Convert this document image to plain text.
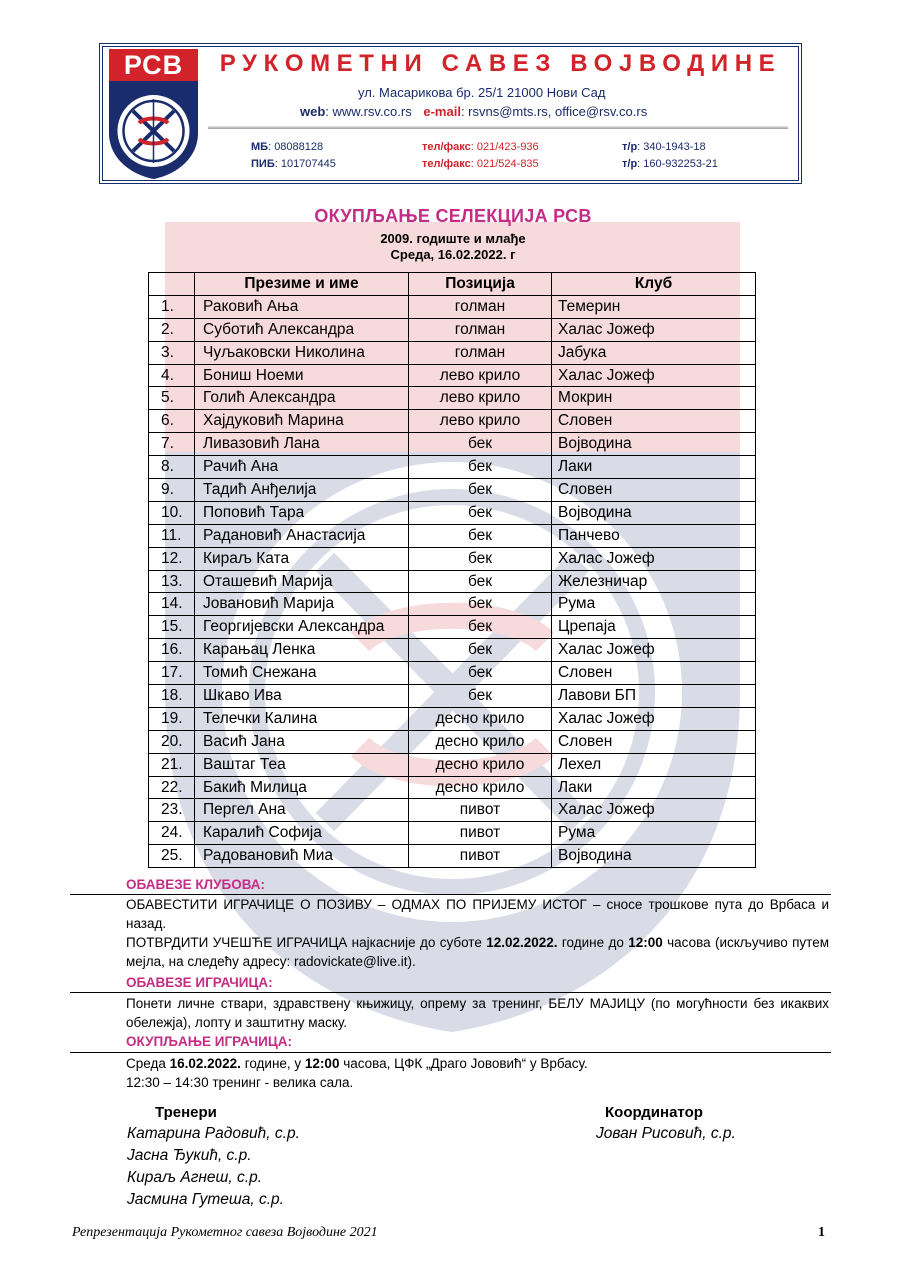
РСВ	РУКОМЕТНИ САВЕЗ ВОЈВОДИНЕ
ул. Масарикова бр. 25/1 21000 Нови Сад
web: www.rsv.co.rs e-mail: rsvns@mts.rs, office@rsv.co.rs
МБ: 08088128
ПИБ: 101707445
тел/факс: 021/423-936
тел/факс: 021/524-835
т/р: 340-1943-18
т/р: 160-932253-21
ОКУПЉАЊЕ СЕЛЕКЦИЈА РСВ
2009. годиште и млађе
Среда, 16.02.2022. г
	Презиме и име	Позиција	Клуб
1.	Раковић Ања	голман	Темерин
2.	Суботић Александра	голман	Халас Јожеф
3.	Чуљаковски Николина	голман	Јабука
4.	Бониш Ноеми	лево крило	Халас Јожеф
5.	Голић Александра	лево крило	Мокрин
6.	Хајдуковић Марина	лево крило	Словен
7.	Ливазовић Лана	бек	Војводина
8.	Рачић Ана	бек	Лаки
9.	Тадић Анђелија	бек	Словен
10.	Поповић Тара	бек	Војводина
11.	Радановић Анастасија	бек	Панчево
12.	Кираљ Ката	бек	Халас Јожеф
13.	Оташевић Марија	бек	Железничар
14.	Јовановић Марија	бек	Рума
15.	Георгијевски Александра	бек	Црепаја
16.	Карањац Ленка	бек	Халас Јожеф
17.	Томић Снежана	бек	Словен
18.	Шкаво Ива	бек	Лавови БП
19.	Телечки Калина	десно крило	Халас Јожеф
20.	Васић Јана	десно крило	Словен
21.	Ваштаг Теа	десно крило	Лехел
22.	Бакић Милица	десно крило	Лаки
23.	Пергел Ана	пивот	Халас Јожеф
24.	Каралић Софија	пивот	Рума
25.	Радовановић Миа	пивот	Војводина
ОБАВЕЗЕ КЛУБОВА:
ОБАВЕСТИТИ ИГРАЧИЦЕ О ПОЗИВУ – ОДМАХ ПО ПРИЈЕМУ ИСТОГ – сносе трошкове пута до Врбаса и назад.
ПОТВРДИТИ УЧЕШЋЕ ИГРАЧИЦА најкасније до суботе 12.02.2022. године до 12:00 часова (искључиво путем мејла, на следећу адресу: radovickate@live.it).
ОБАВЕЗЕ ИГРАЧИЦА:
Понети личне ствари, здравствену књижицу, опрему за тренинг, БЕЛУ МАЈИЦУ (по могућности без икаквих обележја), лопту и заштитну маску.
ОКУПЉАЊЕ ИГРАЧИЦА:
Среда 16.02.2022. године, у 12:00 часова, ЦФК „Драго Јововић“ у Врбасу.
12:30 – 14:30 тренинг - велика сала.
Тренери
Катарина Радовић, с.р.
Јасна Ђукић, с.р.
Кираљ Агнеш, с.р.
Јасмина Гутеша, с.р.
Координатор
Јован Рисовић, с.р.
Репрезентација Рукометног савеза Војводине 2021	1
